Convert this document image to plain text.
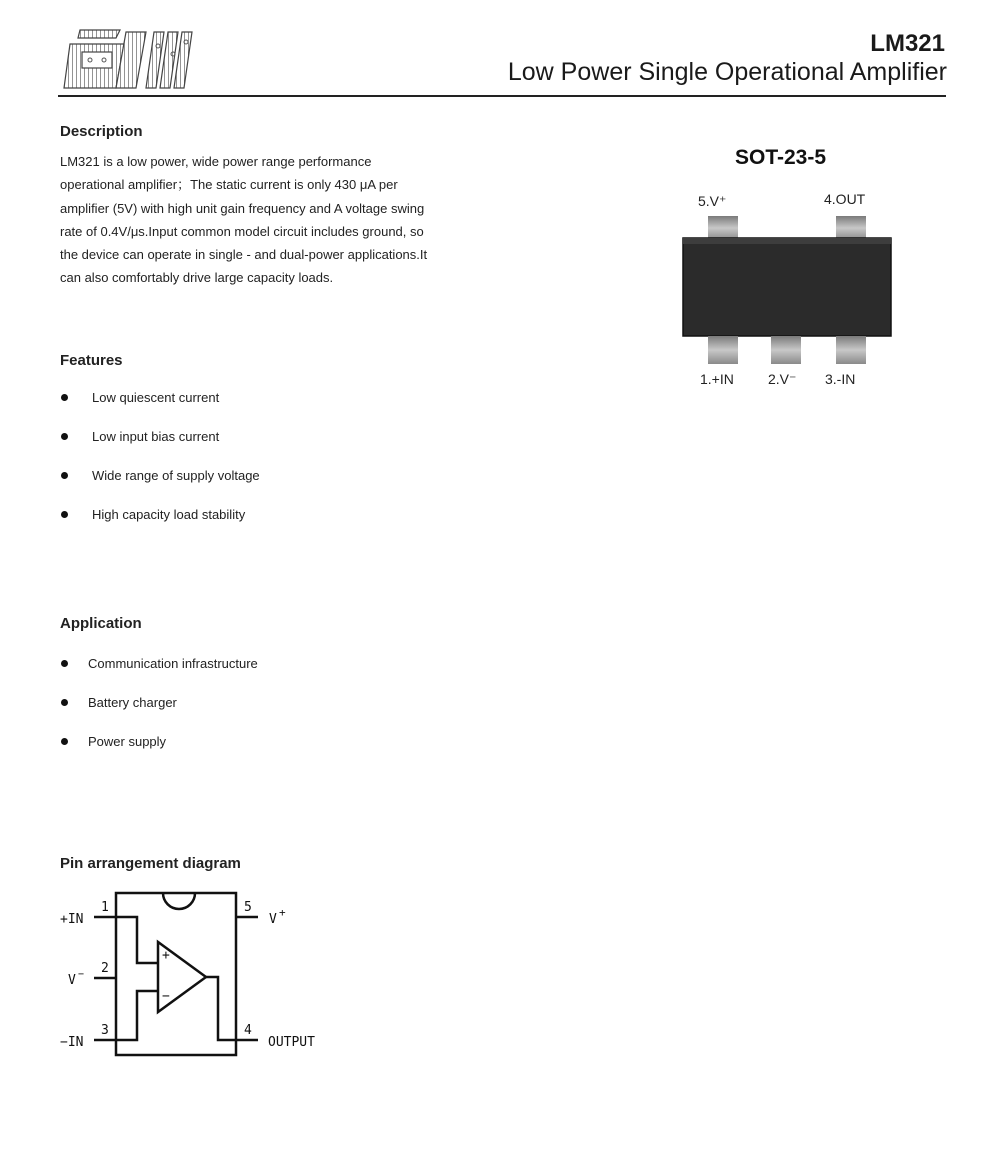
LM321
Low Power Single Operational Amplifier
Description
LM321 is a low power, wide power range performance
operational amplifier；The static current is only 430 μA per
amplifier (5V) with high unit gain frequency and A voltage swing
rate of 0.4V/μs.Input common model circuit includes ground, so
the device can operate in single - and dual-power applications.It
can also comfortably drive large capacity loads.
Features
Low quiescent current
Low input bias current
Wide range of supply voltage
High capacity load stability
Application
Communication infrastructure
Battery charger
Power supply
SOT-23-5
5.V⁺	4.OUT
1.+IN 2.V⁻ 3.-IN
Pin arrangement diagram
+IN
V −
−IN
V +
OUTPUT
1
2
3	4
5
+
−
